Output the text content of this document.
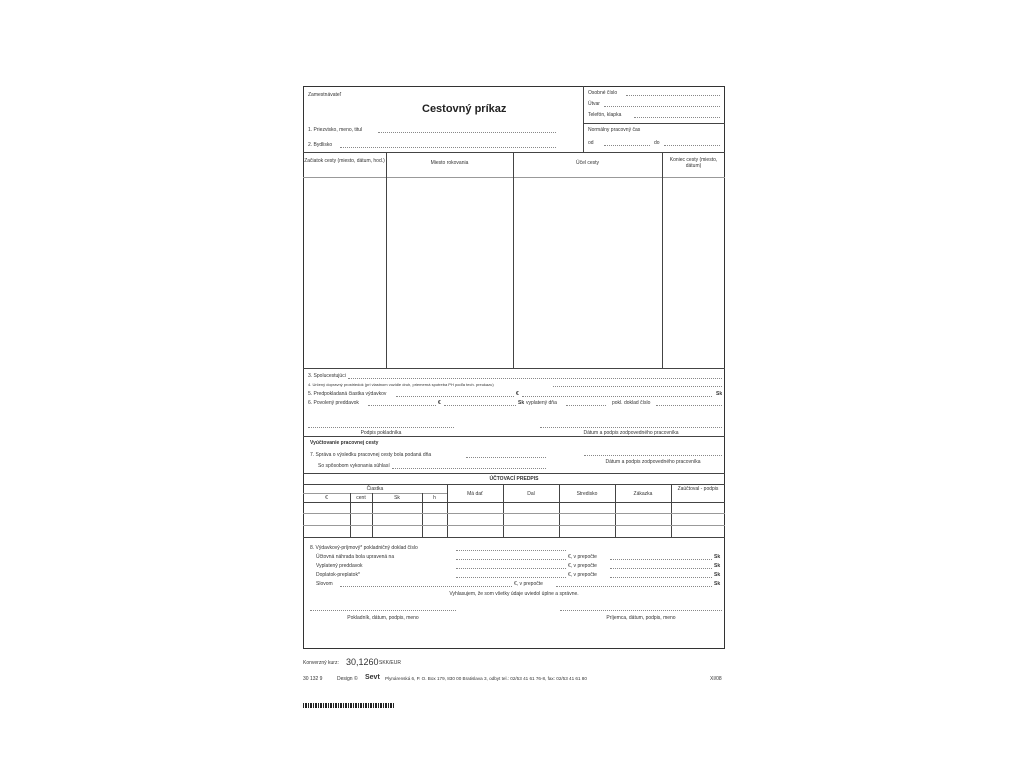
Zamestnávateľ
Cestovný príkaz
1. Priezvisko, meno, titul
2. Bydlisko
Osobné číslo
Útvar
Telefón, klapka
Normálny pracovný čas
od	do
Začiatok cesty (miesto, dátum, hod.)	Miesto rokovania	Účel cesty	Koniec cesty (miesto, dátum)
3. Spolucestujúci
4. Určený dopravný prostriedok (pri vlastnom vozidle druh, priemerná spotreba PH podľa tech. preukazu)
5. Predpokladaná čiastka výdavkov	€	Sk
6. Povolený preddavok	€	Sk vyplatený dňa	pokl. doklad číslo
Podpis pokladníka	Dátum a podpis zodpovedného pracovníka
Vyúčtovanie pracovnej cesty
7. Správa o výsledku pracovnej cesty bola podaná dňa
So spôsobom vykonania súhlasí
Dátum a podpis zodpovedného pracovníka
ÚČTOVACÍ PREDPIS
Čiastka
€	cent	Sk	h
Má dať	Dal	Stredisko	Zákazka
Zaúčtoval - podpis
8. Výdavkový-príjmový* pokladničný doklad číslo
Účtovná náhrada bola upravená na	€, v prepočte	Sk
Vyplatený preddavok	€, v prepočte	Sk
Doplatok-preplatok*	€, v prepočte	Sk
Slovom	€, v prepočte	Sk
Vyhlasujem, že som všetky údaje uviedol úplne a správne.
Pokladník, dátum, podpis, meno	Príjemca, dátum, podpis, meno
Konverzný kurz: 30,1260 SKK/EUR
30 132 9	Design © Sevt Plynárenská 6, P. O. Box 179, 830 00 Bratislava 3, odbyt tel.: 02/53 41 61 76-8, fax: 02/53 41 61 80	XI/08
